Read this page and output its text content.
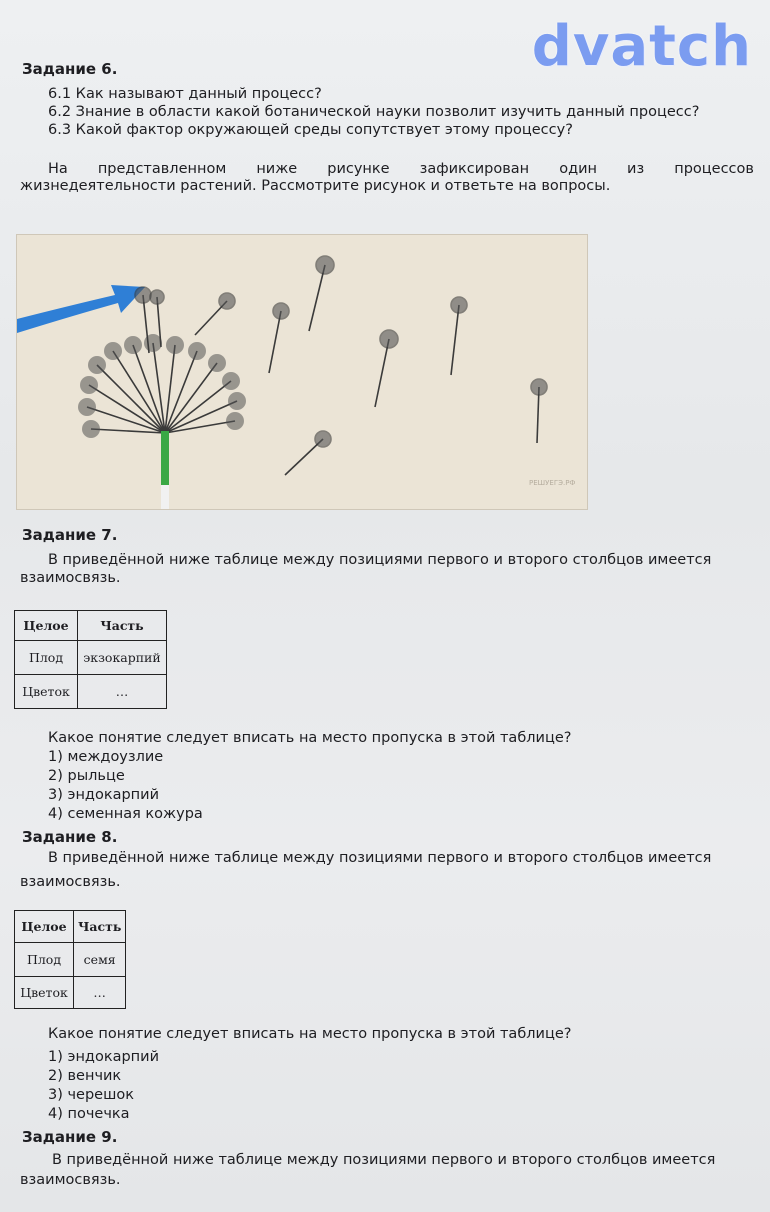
dvatch
Задание 6.
6.1 Как называют данный процесс?
6.2 Знание в области какой ботанической науки позволит изучить данный процесс?
6.3 Какой фактор окружающей среды сопутствует этому процессу?
На представленном ниже рисунке зафиксирован один из процессов
жизнедеятельности растений. Рассмотрите рисунок и ответьте на вопросы.
РЕШУЕГЭ.РФ
Задание 7.
В приведённой ниже таблице между позициями первого и второго столбцов имеется
взаимосвязь.
Целое	Часть
Плод	экзокарпий
Цветок	…
Какое понятие следует вписать на место пропуска в этой таблице?
1) междоузлие
2) рыльце
3) эндокарпий
4) семенная кожура
Задание 8.
В приведённой ниже таблице между позициями первого и второго столбцов имеется
взаимосвязь.
Целое	Часть
Плод	семя
Цветок	…
Какое понятие следует вписать на место пропуска в этой таблице?
1) эндокарпий
2) венчик
3) черешок
4) почечка
Задание 9.
В приведённой ниже таблице между позициями первого и второго столбцов имеется
взаимосвязь.
